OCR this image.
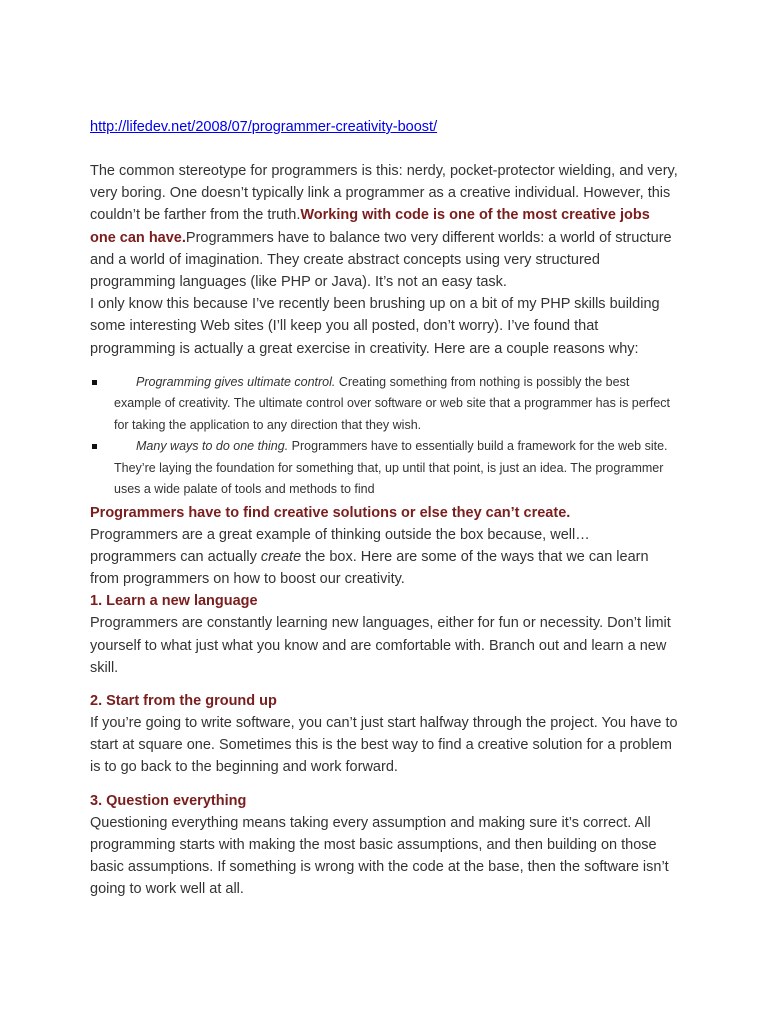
http://lifedev.net/2008/07/programmer-creativity-boost/

The common stereotype for programmers is this: nerdy, pocket-protector wielding, and very, very boring. One doesn’t typically link a programmer as a creative individual. However, this couldn’t be farther from the truth.Working with code is one of the most creative jobs one can have.Programmers have to balance two very different worlds: a world of structure and a world of imagination. They create abstract concepts using very structured programming languages (like PHP or Java). It’s not an easy task.

I only know this because I’ve recently been brushing up on a bit of my PHP skills building some interesting Web sites (I’ll keep you all posted, don’t worry). I’ve found that programming is actually a great exercise in creativity. Here are a couple reasons why:

Programming gives ultimate control. Creating something from nothing is possibly the best example of creativity. The ultimate control over software or web site that a programmer has is perfect for taking the application to any direction that they wish.
Many ways to do one thing. Programmers have to essentially build a framework for the web site. They’re laying the foundation for something that, up until that point, is just an idea. The programmer uses a wide palate of tools and methods to find
Programmers have to find creative solutions or else they can’t create.

Programmers are a great example of thinking outside the box because, well… programmers can actually create the box. Here are some of the ways that we can learn from programmers on how to boost our creativity.

1. Learn a new language

Programmers are constantly learning new languages, either for fun or necessity. Don’t limit yourself to what just what you know and are comfortable with. Branch out and learn a new skill.

2. Start from the ground up

If you’re going to write software, you can’t just start halfway through the project. You have to start at square one. Sometimes this is the best way to find a creative solution for a problem is to go back to the beginning and work forward.

3. Question everything

Questioning everything means taking every assumption and making sure it’s correct. All programming starts with making the most basic assumptions, and then building on those basic assumptions. If something is wrong with the code at the base, then the software isn’t going to work well at all.
